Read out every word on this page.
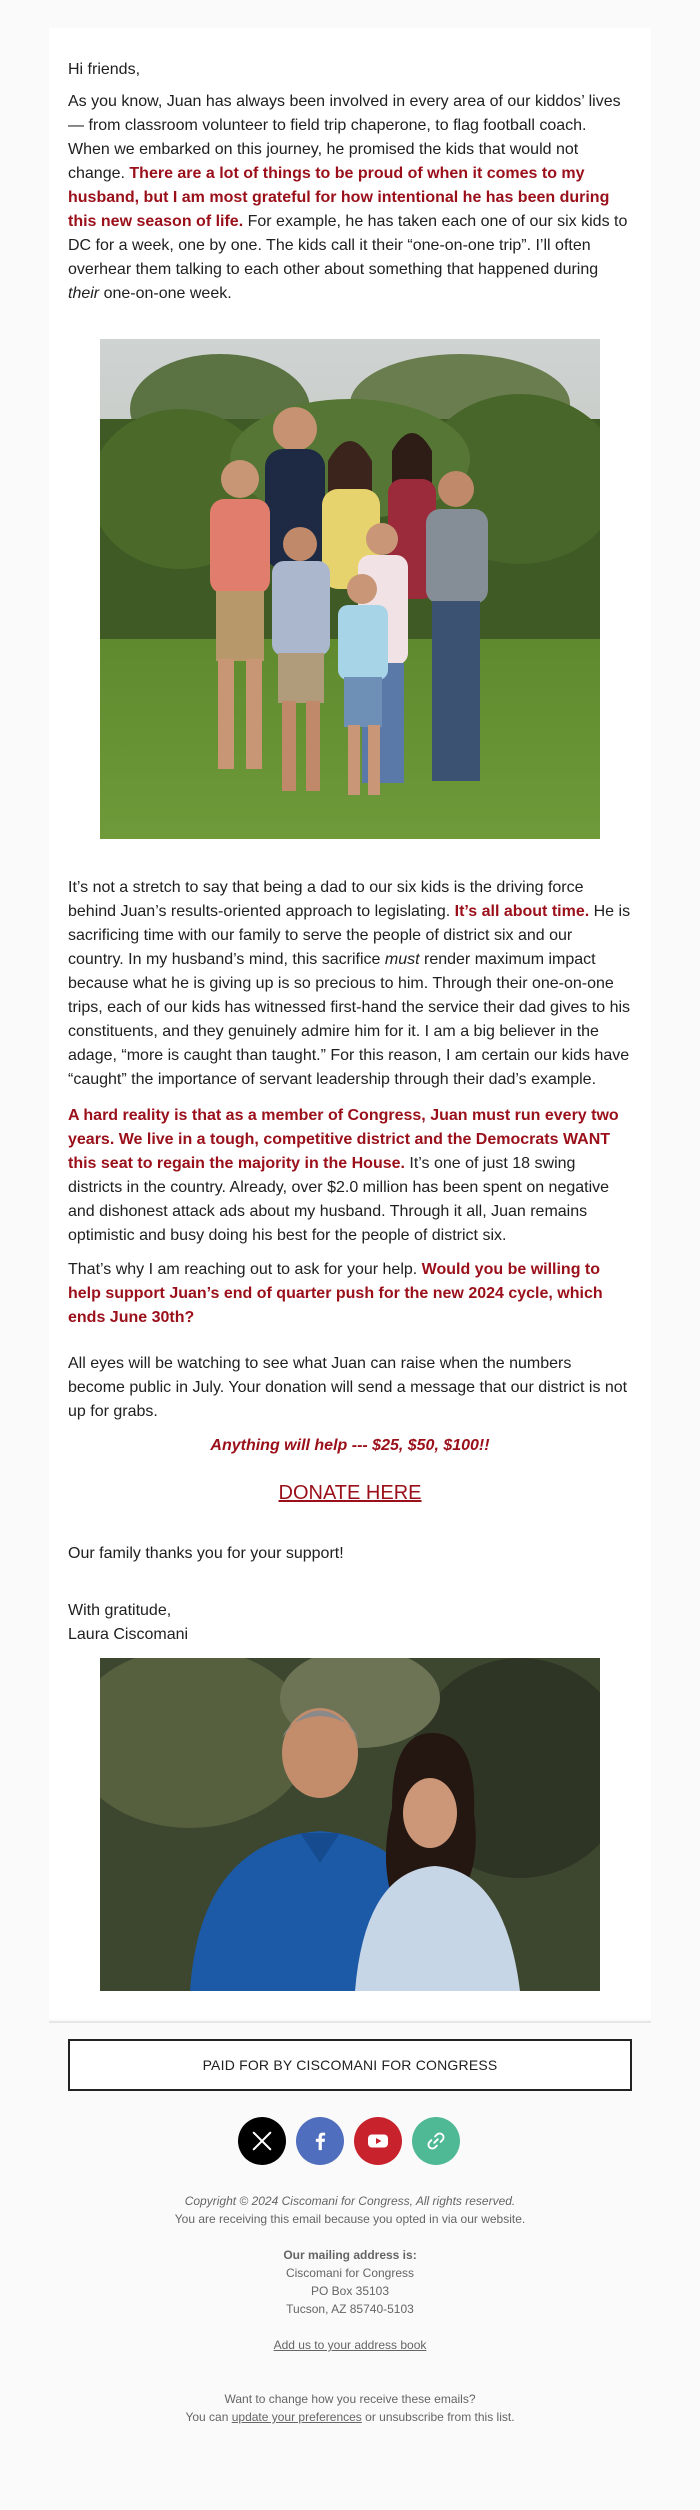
Hi friends,
As you know, Juan has always been involved in every area of our kiddos’ lives — from classroom volunteer to field trip chaperone, to flag football coach. When we embarked on this journey, he promised the kids that would not change. There are a lot of things to be proud of when it comes to my husband, but I am most grateful for how intentional he has been during this new season of life. For example, he has taken each one of our six kids to DC for a week, one by one. The kids call it their “one-on-one trip”. I’ll often overhear them talking to each other about something that happened during their one-on-one week.
It’s not a stretch to say that being a dad to our six kids is the driving force behind Juan’s results-oriented approach to legislating. It’s all about time. He is sacrificing time with our family to serve the people of district six and our country. In my husband’s mind, this sacrifice must render maximum impact because what he is giving up is so precious to him. Through their one-on-one trips, each of our kids has witnessed first-hand the service their dad gives to his constituents, and they genuinely admire him for it. I am a big believer in the adage, “more is caught than taught.” For this reason, I am certain our kids have “caught” the importance of servant leadership through their dad’s example.
A hard reality is that as a member of Congress, Juan must run every two years. We live in a tough, competitive district and the Democrats WANT this seat to regain the majority in the House. It’s one of just 18 swing districts in the country. Already, over $2.0 million has been spent on negative and dishonest attack ads about my husband. Through it all, Juan remains optimistic and busy doing his best for the people of district six.
That’s why I am reaching out to ask for your help. Would you be willing to help support Juan’s end of quarter push for the new 2024 cycle, which ends June 30th?
All eyes will be watching to see what Juan can raise when the numbers become public in July. Your donation will send a message that our district is not up for grabs.
Anything will help --- $25, $50, $100!!
DONATE HERE
Our family thanks you for your support!
With gratitude,
Laura Ciscomani
PAID FOR BY CISCOMANI FOR CONGRESS
Copyright © 2024 Ciscomani for Congress, All rights reserved.
You are receiving this email because you opted in via our website.
Our mailing address is:
Ciscomani for Congress
PO Box 35103
Tucson, AZ 85740-5103
Add us to your address book
Want to change how you receive these emails?
You can update your preferences or unsubscribe from this list.
